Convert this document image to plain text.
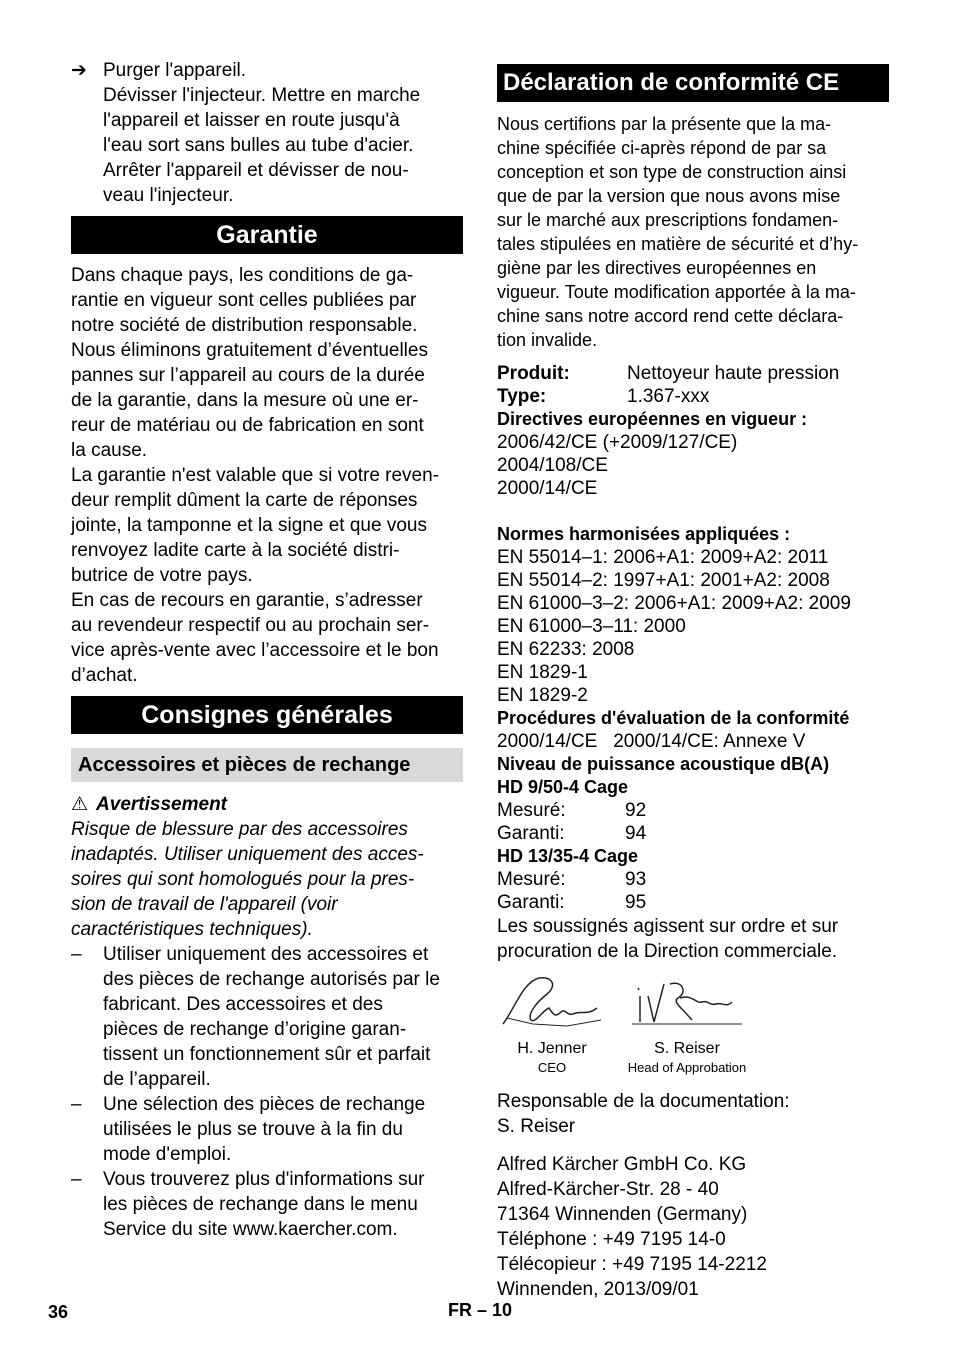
➔ Purger l'appareil.

Dévisser l'injecteur. Mettre en marche

l'appareil et laisser en route jusqu'à

l'eau sort sans bulles au tube d'acier.

Arrêter l'appareil et dévisser de nou-

veau l'injecteur.

Garantie

Dans chaque pays, les conditions de ga-

rantie en vigueur sont celles publiées par

notre société de distribution responsable.

Nous éliminons gratuitement d’éventuelles

pannes sur l’appareil au cours de la durée

de la garantie, dans la mesure où une er-

reur de matériau ou de fabrication en sont

la cause.

La garantie n'est valable que si votre reven-

deur remplit dûment la carte de réponses

jointe, la tamponne et la signe et que vous

renvoyez ladite carte à la société distri-

butrice de votre pays.

En cas de recours en garantie, s’adresser

au revendeur respectif ou au prochain ser-

vice après-vente avec l’accessoire et le bon

d’achat.

Consignes générales
Accessoires et pièces de rechange

⚠ Avertissement

Risque de blessure par des accessoires

inadaptés. Utiliser uniquement des acces-

soires qui sont homologués pour la pres-

sion de travail de l'appareil (voir

caractéristiques techniques).

– Utiliser uniquement des accessoires et

des pièces de rechange autorisés par le

fabricant. Des accessoires et des

pièces de rechange d’origine garan-

tissent un fonctionnement sûr et parfait

de l’appareil.

– Une sélection des pièces de rechange

utilisées le plus se trouve à la fin du

mode d'emploi.

– Vous trouverez plus d'informations sur

les pièces de rechange dans le menu

Service du site www.kaercher.com.

Déclaration de conformité CE

Nous certifions par la présente que la ma-

chine spécifiée ci-après répond de par sa

conception et son type de construction ainsi

que de par la version que nous avons mise

sur le marché aux prescriptions fondamen-

tales stipulées en matière de sécurité et d’hy-

giène par les directives européennes en

vigueur. Toute modification apportée à la ma-

chine sans notre accord rend cette déclara-

tion invalide.

Produit:	Nettoyeur haute pression
Type:	1.367-xxx

Directives européennes en vigueur :

2006/42/CE (+2009/127/CE)

2004/108/CE

2000/14/CE

Normes harmonisées appliquées :

EN 55014–1: 2006+A1: 2009+A2: 2011

EN 55014–2: 1997+A1: 2001+A2: 2008

EN 61000–3–2: 2006+A1: 2009+A2: 2009

EN 61000–3–11: 2000

EN 62233: 2008

EN 1829-1

EN 1829-2

Procédures d'évaluation de la conformité

2000/14/CE   2000/14/CE: Annexe V

Niveau de puissance acoustique dB(A)

HD 9/50-4 Cage

Mesuré:	92
Garanti:	94

HD 13/35-4 Cage

Mesuré:	93
Garanti:	95

Les soussignés agissent sur ordre et sur

procuration de la Direction commerciale.

H. Jenner
CEO
S. Reiser
Head of Approbation

Responsable de la documentation:

S. Reiser

Alfred Kärcher GmbH Co. KG

Alfred-Kärcher-Str. 28 - 40

71364 Winnenden (Germany)

Téléphone : +49 7195 14-0

Télécopieur : +49 7195 14-2212

Winnenden, 2013/09/01

36	FR – 10
